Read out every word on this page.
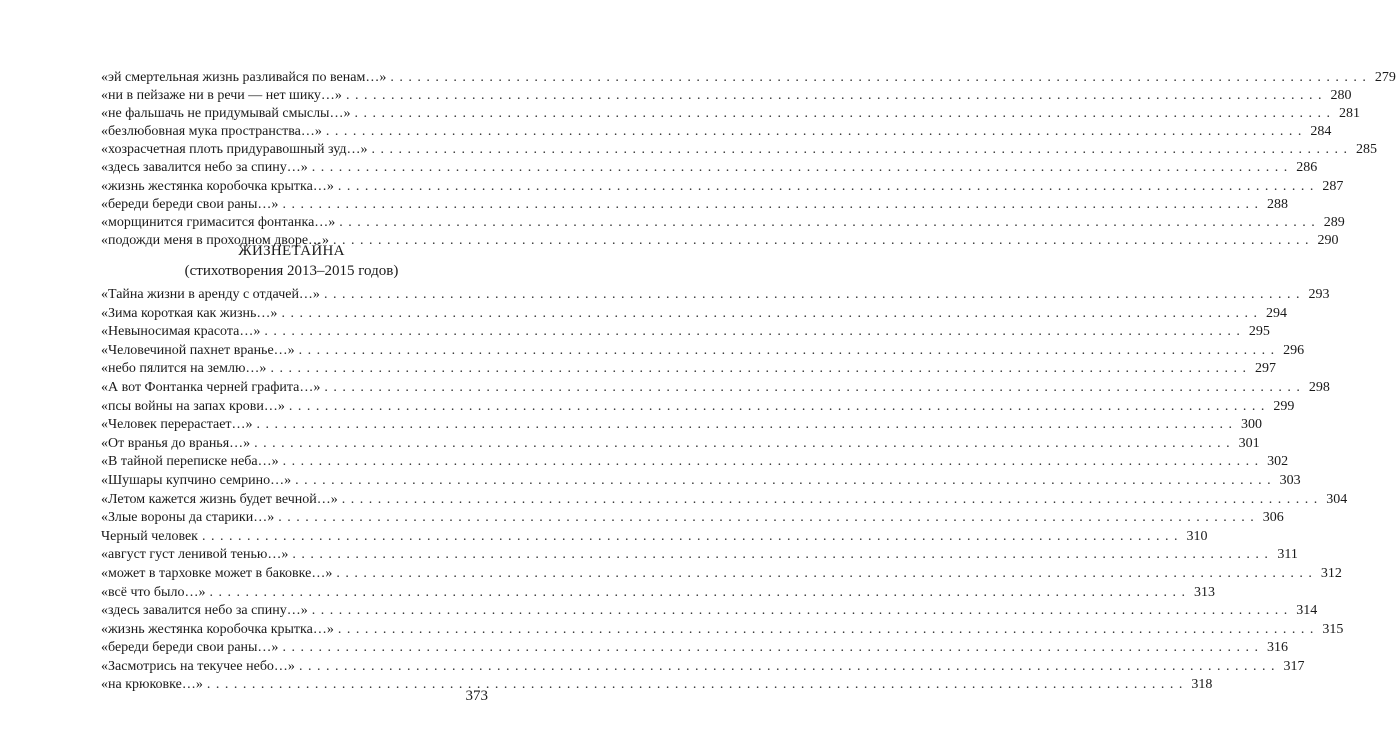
«эй смертельная жизнь разливайся по венам…» . . .	279
«ни в пейзаже ни в речи — нет шику…» . . .	280
«не фальшачь не придумывай смыслы…» . . .	281
«безлюбовная мука пространства…» . . .	284
«хозрасчетная плоть придуравошный зуд…» . . .	285
«здесь завалится небо за спину…» . . .	286
«жизнь жестянка коробочка крытка…» . . .	287
«береди береди свои раны…» . . .	288
«морщинится гримасится фонтанка…» . . .	289
«подожди меня в проходном дворе…» . . .	290
ЖИЗНЕТАЙНА
(стихотворения 2013–2015 годов)
«Тайна жизни в аренду с отдачей…» . . .	293
«Зима короткая как жизнь…» . . .	294
«Невыносимая красота…» . . .	295
«Человечиной пахнет вранье…» . . .	296
«небо пялится на землю…» . . .	297
«А вот Фонтанка черней графита…» . . .	298
«псы войны на запах крови…» . . .	299
«Человек перерастает…» . . .	300
«От вранья до вранья…» . . .	301
«В тайной переписке неба…» . . .	302
«Шушары купчино семрино…» . . .	303
«Летом кажется жизнь будет вечной…» . . .	304
«Злые вороны да старики…» . . .	306
Черный человек . . .	310
«август густ ленивой тенью…» . . .	311
«может в тарховке может в баковке…» . . .	312
«всё что было…» . . .	313
«здесь завалится небо за спину…» . . .	314
«жизнь жестянка коробочка крытка…» . . .	315
«береди береди свои раны…» . . .	316
«Засмотрись на текучее небо…» . . .	317
«на крюковке…» . . .	318
373
